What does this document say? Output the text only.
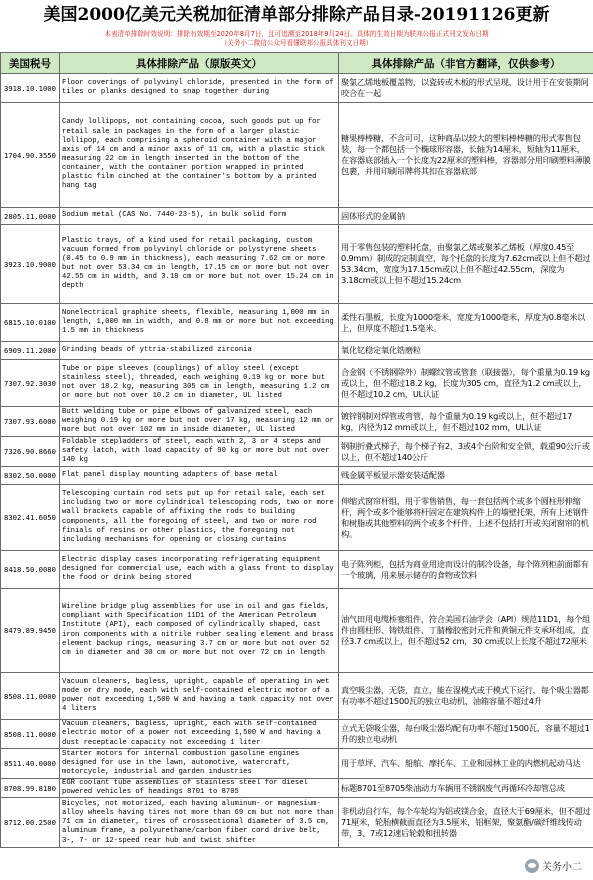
美国2000亿美元关税加征清单部分排除产品目录-20191126更新
本表清单排除时效说明：排除有效期至2020年8月7日，且可追溯至2018年9月24日。具体的生效日期为联邦公报正式刊文发布日期
（关务小二微信公众号看懂联邦公报具体刊文日期）
美国税号	具体排除产品（原版英文）	具体排除产品（非官方翻译，仅供参考）
3918.10.1000	Floor coverings of polyvinyl chloride, presented in the form of tiles or planks designed to snap together during	聚氯乙烯地板覆盖物，以瓷砖或木板的形式呈现，设计用于在安装期间咬合在一起
1704.90.3550	Candy lollipops, not containing cocoa, such goods put up for retail sale in packages in the form of a larger plastic lollipop, each comprising a spheroid container with a major axis of 14 cm and a minor axis of 11 cm, with a plastic stick measuring 22 cm in length inserted in the bottom of the container, with the container portion wrapped in printed plastic film cinched at the container's bottom by a printed hang tag	糖果棒棒糖，不含可可，这种商品以较大的塑料棒棒糖的形式零售包装，每一个都包括一个椭球形容器，长轴为14厘米，短轴为11厘米，在容器底部插入一个长度为22厘米的塑料棒，容器部分用印刷塑料薄膜包裹，并用印刷吊牌将其扣在容器底部
2805.11.0000	Sodium metal (CAS No. 7440-23-5), in bulk solid form	固体形式的金属钠
3923.10.9000	Plastic trays, of a kind used for retail packaging, custom vacuum formed from polyvinyl chloride or polystyrene sheets (0.45 to 0.9 mm in thickness), each measuring 7.62 cm or more but not over 53.34 cm in length, 17.15 cm or more but not over 42.55 cm in width, and 3.18 cm or more but not over 15.24 cm in depth	用于零售包装的塑料托盘，由聚氯乙烯或聚苯乙烯板（厚度0.45至0.9mm）制成的定制真空，每个托盘的长度为7.62cm或以上但不超过53.34cm，宽度为17.15cm或以上但不超过42.55cm，深度为3.18cm或以上但不超过15.24cm
6815.10.0100	Nonelectrical graphite sheets, flexible, measuring 1,000 mm in length, 1,000 mm in width, and 0.8 mm or more but not exceeding 1.5 mm in thickness	柔性石墨板，长度为1000毫米，宽度为1000毫米，厚度为0.8毫米以上，但厚度不超过1.5毫米。
6909.11.2000	Grinding beads of yttria-stabilized zirconia	氧化钇稳定氧化锆磨粒
7307.92.3030	Tube or pipe sleeves (couplings) of alloy steel (except stainless steel), threaded, each weighing 0.19 kg or more but not over 18.2 kg, measuring 305 cm in length, measuring 1.2 cm or more but not over 10.2 cm in diameter, UL listed	合金钢（不锈钢除外）制螺纹管或管套（联接器），每个重量为0.19 kg或以上，但不超过18.2 kg，长度为305 cm，直径为1.2 cm或以上，但不超过10.2 cm，UL认证
7307.93.6000	Butt welding tube or pipe elbows of galvanized steel, each weighing 0.19 kg or more but not over 17 kg, measuring 12 mm or more but not over 102 mm in inside diameter, UL listed	镀锌钢制对焊管或弯管，每个重量为0.19 kg或以上，但不超过17 kg，内径为12 mm或以上，但不超过102 mm，UL认证
7326.90.8660	Foldable stepladders of steel, each with 2, 3 or 4 steps and safety latch, with load capacity of 90 kg or more but not over 140 kg	钢制折叠式梯子，每个梯子有2、3或4个台阶和安全锁，载重90公斤或以上，但不超过140公斤
8302.50.0000	Flat panel display mounting adapters of base metal	贱金属平板显示器安装适配器
8302.41.6050	Telescoping curtain rod sets put up for retail sale, each set including two or more cylindrical telescoping rods, two or more wall brackets capable of affixing the rods to building components, all the foregoing of steel, and two or more rod finials of resins or other plastics, the foregoing not including mechanisms for opening or closing curtains	伸缩式窗帘杆组，用于零售销售，每一套包括两个或多个圆柱形伸缩杆，两个或多个能够将杆固定在建筑构件上的墙壁托架，所有上述钢件和树脂或其他塑料的两个或多个杆件，上述不包括打开或关闭窗帘的机构。
8418.50.0080	Electric display cases incorporating refrigerating equipment designed for commercial use, each with a glass front to display the food or drink being stored	电子陈列柜，包括为商业用途而设计的制冷设备，每个陈列柜前面都有一个玻璃，用来展示储存的食物或饮料
8479.89.9450	Wireline bridge plug assemblies for use in oil and gas fields, compliant with Specification 11D1 of the American Petroleum Institute (API), each composed of cylindrically shaped, cast iron components with a nitrile rubber sealing element and brass element backup rings, measuring 3.7 cm or more but not over 52 cm in diameter and 30 cm or more but not over 72 cm in length	油气田用电缆桥塞组件，符合美国石油学会（API）规范11D1，每个组件由圆柱形、铸铁组件、丁腈橡胶密封元件和黄铜元件支承环组成，直径3.7 cm或以上，但不超过52 cm，30 cm或以上长度不超过72厘米
8508.11.0000	Vacuum cleaners, bagless, upright, capable of operating in wet mode or dry mode, each with self-contained electric motor of a power not exceeding 1,500 W and having a tank capacity not over 4 liters	真空吸尘器，无袋，直立，能在湿模式或干模式下运行，每个吸尘器都有功率不超过1500瓦的独立电动机，油箱容量不超过4升
8508.11.0000	Vacuum cleaners, bagless, upright, each with self-contained electric motor of a power not exceeding 1,500 W and having a dust receptacle capacity not exceeding 1 liter	立式无袋吸尘器，每台吸尘器均配有功率不超过1500瓦，容量不超过1升的独立电动机
8511.40.0000	Starter motors for internal combustion gasoline engines designed for use in the lawn, automotive, watercraft, motorcycle, industrial and garden industries	用于草坪、汽车、船舶、摩托车、工业和园林工业的内燃机起动马达
8708.99.8180	EGR coolant tube assemblies of stainless steel for diesel powered vehicles of headings 8701 to 8705	标题8701至8705柴油动力车辆用不锈钢废气再循环冷却管总成
8712.00.2500	Bicycles, not motorized, each having aluminum- or magnesium-alloy wheels having tires not more than 69 cm but not more than 71 cm in diameter, tires of crosssectional diameter of 3.5 cm, aluminum frame, a polyurethane/carbon fiber cord drive belt, 3-, 7- or 12-speed rear hub and twist shifter	非机动自行车，每个车轮均为铝或镁合金，直径大于69厘米，但不超过71厘米，轮胎横截面直径为3.5厘米，铝框架，聚氨酯/碳纤维线传动带，3、7或12速后轮毂和扭转器
关务小二
